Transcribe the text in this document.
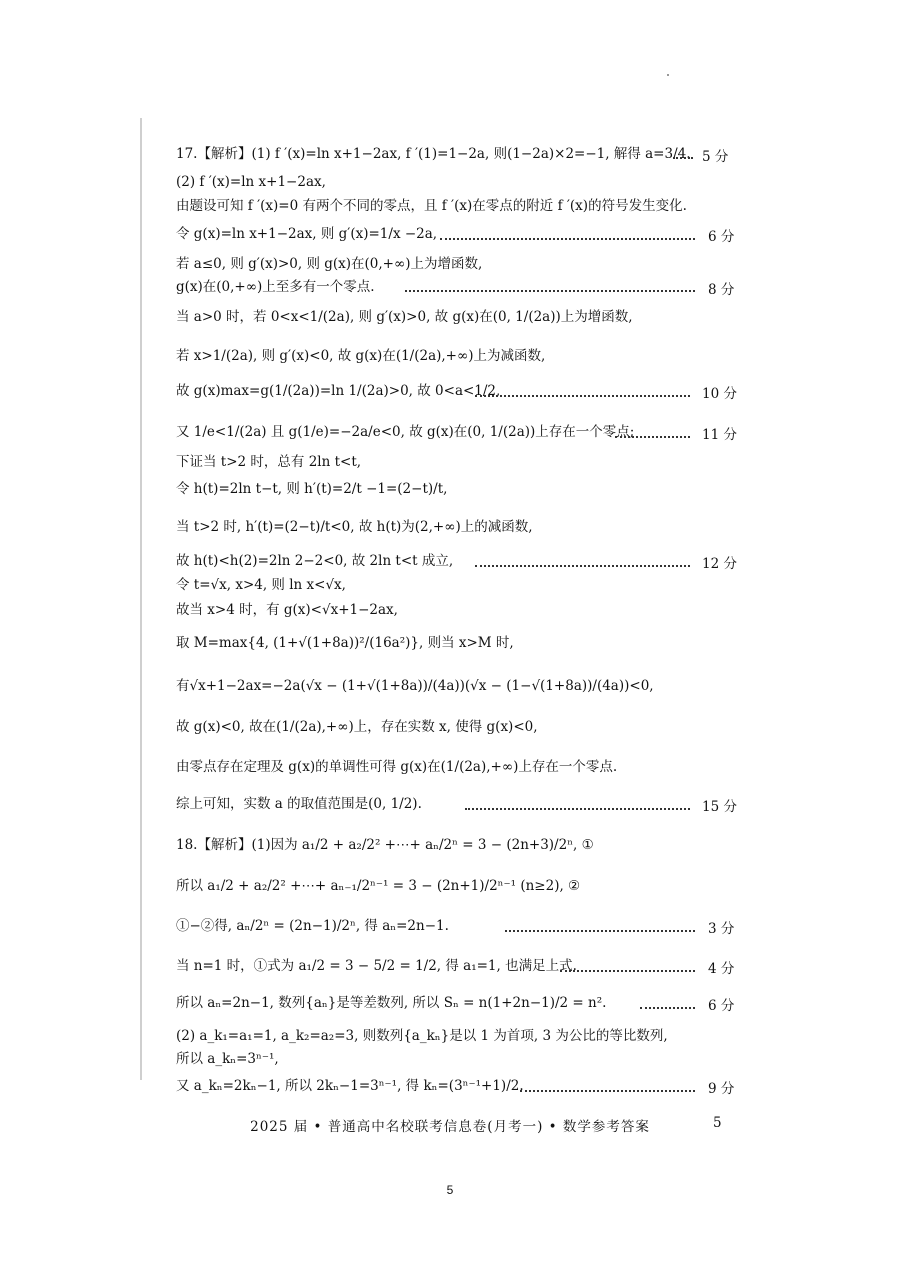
17.【解析】(1) f ′(x)=ln x+1−2ax, f ′(1)=1−2a, 则(1−2a)×2=−1, 解得 a=3/4. 5 分
(2) f ′(x)=ln x+1−2ax,
由题设可知 f ′(x)=0 有两个不同的零点，且 f ′(x)在零点的附近 f ′(x)的符号发生变化.
令 g(x)=ln x+1−2ax, 则 g′(x)=1/x −2a,	6 分
若 a≤0, 则 g′(x)>0, 则 g(x)在(0,+∞)上为增函数,
g(x)在(0,+∞)上至多有一个零点.	8 分
当 a>0 时，若 0<x<1/(2a), 则 g′(x)>0, 故 g(x)在(0, 1/(2a))上为增函数,
若 x>1/(2a), 则 g′(x)<0, 故 g(x)在(1/(2a),+∞)上为减函数,
故 g(x)max=g(1/(2a))=ln 1/(2a)>0, 故 0<a<1/2,	10 分
又 1/e<1/(2a) 且 g(1/e)=−2a/e<0, 故 g(x)在(0, 1/(2a))上存在一个零点;	11 分
下证当 t>2 时，总有 2ln t<t,
令 h(t)=2ln t−t, 则 h′(t)=2/t −1=(2−t)/t,
当 t>2 时, h′(t)=(2−t)/t<0, 故 h(t)为(2,+∞)上的减函数,
故 h(t)<h(2)=2ln 2−2<0, 故 2ln t<t 成立,	12 分
令 t=√x, x>4, 则 ln x<√x,
故当 x>4 时，有 g(x)<√x+1−2ax,
取 M=max{4, (1+√(1+8a))²/(16a²)}, 则当 x>M 时,
有√x+1−2ax=−2a(√x − (1+√(1+8a))/(4a))(√x − (1−√(1+8a))/(4a))<0,
故 g(x)<0, 故在(1/(2a),+∞)上，存在实数 x, 使得 g(x)<0,
由零点存在定理及 g(x)的单调性可得 g(x)在(1/(2a),+∞)上存在一个零点.
综上可知，实数 a 的取值范围是(0, 1/2).	15 分
18.【解析】(1)因为 a₁/2 + a₂/2² +⋯+ aₙ/2ⁿ = 3 − (2n+3)/2ⁿ, ①
所以 a₁/2 + a₂/2² +⋯+ aₙ₋₁/2ⁿ⁻¹ = 3 − (2n+1)/2ⁿ⁻¹ (n≥2), ②
①−②得, aₙ/2ⁿ = (2n−1)/2ⁿ, 得 aₙ=2n−1.	3 分
当 n=1 时，①式为 a₁/2 = 3 − 5/2 = 1/2, 得 a₁=1, 也满足上式.	4 分
所以 aₙ=2n−1, 数列{aₙ}是等差数列, 所以 Sₙ = n(1+2n−1)/2 = n².	6 分
(2) a_k₁=a₁=1, a_k₂=a₂=3, 则数列{a_kₙ}是以 1 为首项, 3 为公比的等比数列,
所以 a_kₙ=3ⁿ⁻¹,
又 a_kₙ=2kₙ−1, 所以 2kₙ−1=3ⁿ⁻¹, 得 kₙ=(3ⁿ⁻¹+1)/2.	9 分
2025 届 • 普通高中名校联考信息卷(月考一) • 数学参考答案	5
5
